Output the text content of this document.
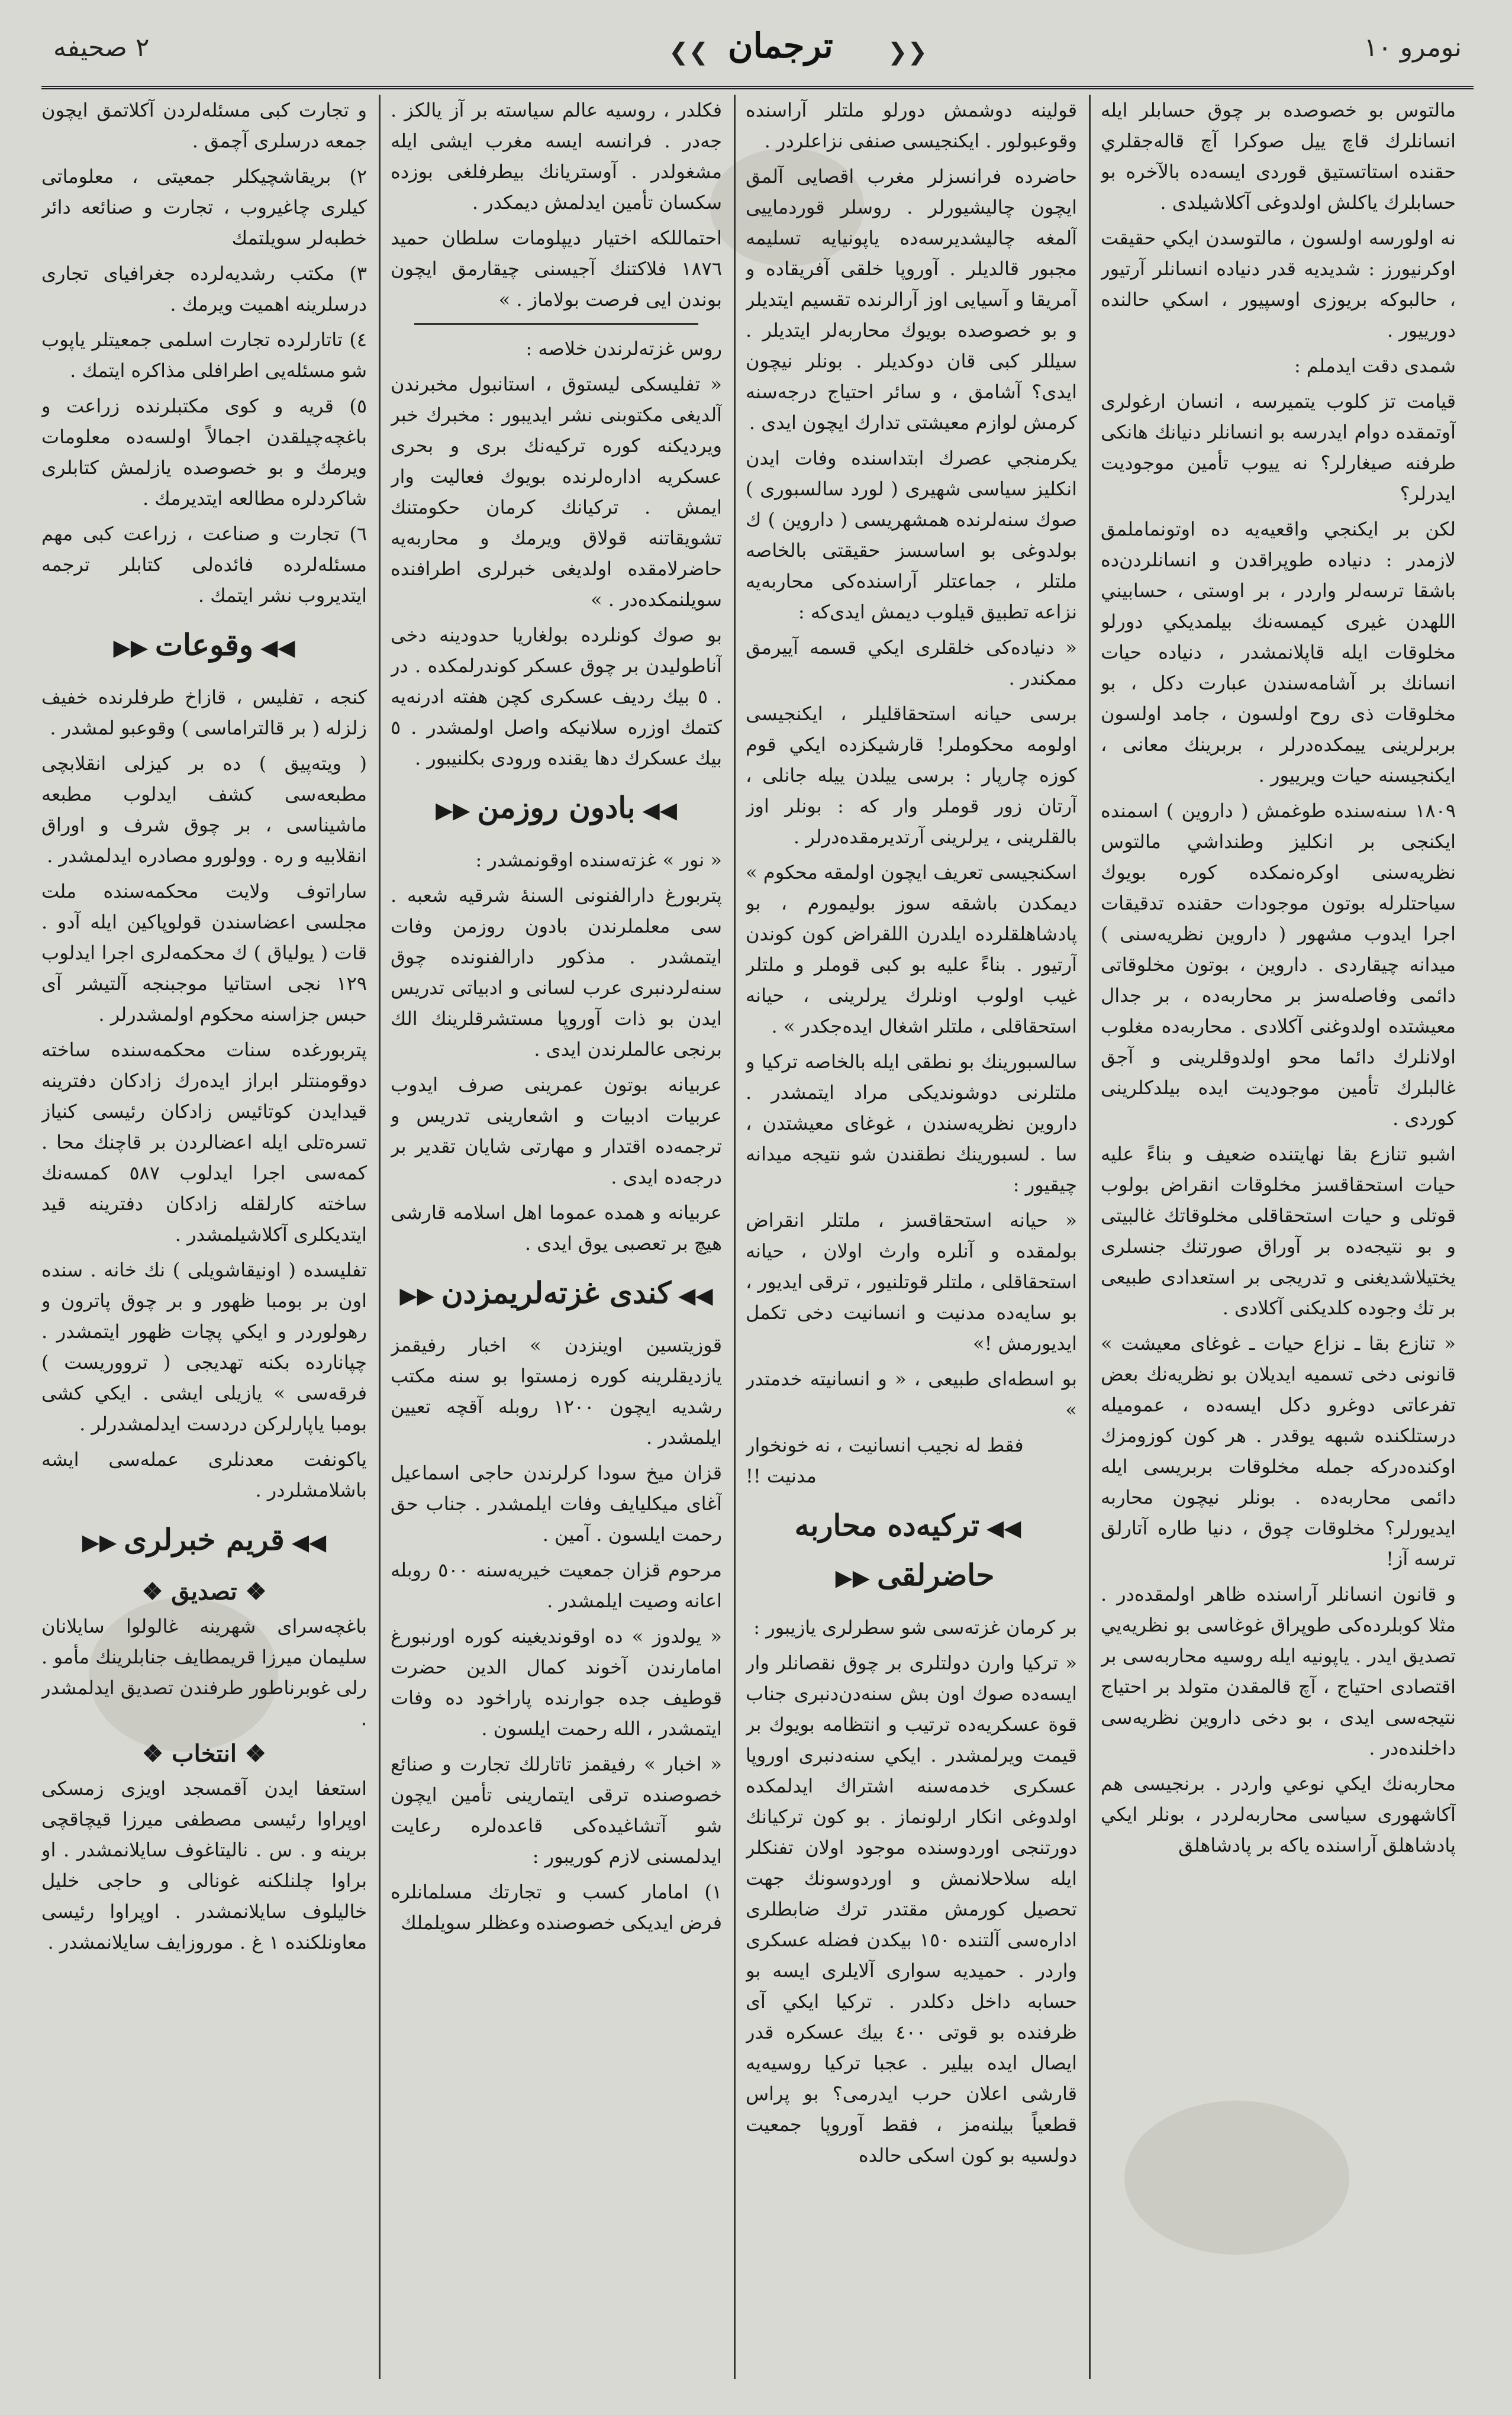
٢ صحيفه	❮❮ ترجمان ❯❯	نومرو ١٠

مالتوس بو خصوصده بر چوق حسابلر ايله انسانلرك قاچ ييل صوكرا آچ قاله‌جقلري حقنده استاتستيق قوردی ايسه‌ده بالآخره بو حسابلرك ياكلش اولدوغی آكلاشيلدی .

نه اولورسه اولسون ، مالتوسدن ايكي حقيقت اوكرنيورز : شديديه قدر دنياده انسانلر آرتيور ، حالبوكه بريوزی اوسپيور ، اسکي حالنده دورييور .

شمدی دقت ايدملم :

قيامت تز كلوب يتميرسه ، انسان ارغولری آوتمقده دوام ايدرسه بو انسانلر دنيانك هانكی طرفنه صيغارلر؟ نه ييوب تأمين موجوديت ايدرلر؟

لكن بر ايكنجي واقعيه‌يه ده اوتونماملمق لازمدر : دنياده طوپراقدن و انسانلردن‌ده باشقا ترسه‌لر واردر ، بر اوستی ، حسابيني اللهدن غيری کيمسه‌نك بيلمديكي دورلو مخلوقات ايله قاپلانمشدر ، دنياده حيات انسانك بر آشامه‌سندن عبارت دكل ، بو مخلوقات ذی روح اولسون ، جامد اولسون بربرلرينی ييمکده‌درلر ، بربرينك معانی ، ايكنجيسنه حيات ويرييور .

١٨٠٩ سنه‌سنده طوغمش ( داروين ) اسمنده ايكنجی بر انكليز وطنداشي مالتوس نظريه‌سنی اوكره‌نمکده کوره بويوك سياحتلرله بوتون موجودات حقنده تدقيقات اجرا ايدوب مشهور ( داروين نظريه‌سنی ) ميدانه چيقاردی . داروين ، بوتون مخلوقاتی دائمی وفاصله‌سز بر محاربه‌ده ، بر جدال معيشتده اولدوغنی آكلادی . محاربه‌ده مغلوب اولانلرك دائما محو اولدوقلرينی و آجق غالبلرك تأمين موجوديت ايده بيلدكلرينی كوردی .

اشبو تنازع بقا نهايتنده ضعيف و بناءً عليه حيات استحقاقسز مخلوقات انقراض بولوب قوتلی و حيات استحقاقلی مخلوقاتك غالبيتی و بو نتيجه‌ده بر آوراق صورتنك جنسلری يختيلاشديغنی و تدريجی بر استعدادی طبيعی بر تك وجوده كلديكنی آكلادی .

« تنازع بقا ـ نزاع حيات ـ غوغای معيشت » قانونی دخی تسميه ايديلان بو نظريه‌نك بعض تفرعاتی دوغرو دكل ايسه‌ده ، عموميله درستلكنده شبهه يوقدر . هر كون كوزومزك اوكنده‌دركه جمله مخلوقات بربريسی ايله دائمی محاربه‌ده . بونلر نيچون محاربه ايديورلر؟ مخلوقات چوق ، دنيا طاره آتارلق ترسه آز!

و قانون انسانلر آراسنده ظاهر او‌لمقده‌در . مثلا كوبلرده‌كی طوپراق غوغاسی بو نظريه‌يي تصديق ايدر . ياپونيه ايله روسيه محاربه‌سی بر اقتصادی احتياج ، آچ قالمقدن متولد بر احتياج نتيجه‌سی ايدی ، بو دخی داروين نظريه‌سی داخلنده‌در .

محاربه‌نك ايكي نوعي واردر . برنجيسی هم آكاشهوری سياسی محاربه‌لردر ، بونلر ايكي پادشاهلق آراسنده ياكه بر پادشاهلق

قولينه دوشمش دورلو ملتلر آراسنده وقوعبولور . ايكنجيسی صنفی نزاعلردر .

حاضرده فرانسزلر مغرب اقصايی آلمق ايچون چاليشيورلر . روسلر قوردماييی آلمغه چاليشديرسه‌ده ياپونيايه تسليمه مجبور قالديلر . آوروپا خلقی آفريقاده و آمريقا و آسيايی اوز آرالرنده تقسيم ايتديلر و بو خصوصده بويوك محاربه‌لر ايتديلر . سيللر كبی قان دوكديلر . بونلر نيچون ايدی؟ آشامق ، و سائر احتياج درجه‌سنه كرمش لوازم معيشتی تدارك ايچون ايدی .

يكرمنجي عصرك ابتداسنده وفات ايدن انكليز سياسی شهيری ( لورد سالسبوری ) صوك سنه‌لرنده همشهريسی ( داروين ) ك بولدوغی بو اساسسز حقيقتی بالخاصه ملتلر ، جماعتلر آراسنده‌كی محاربه‌يه نزاعه تطبيق قيلوب ديمش ايدی‌كه :

« دنياده‌كی خلقلری ايكي قسمه آييرمق ممكندر .

برسی حيانه استحقاقلیلر ، ايكنجيسی اولومه محكوملر! قارشيكزده ايكي قوم كوزه چارپار : برسی ييلدن ييله جانلی ، آرتان زور قوملر وار كه : بونلر اوز بالقلرينی ، يرلرينی آرتديرمقده‌درلر .

اسکنجيسی تعريف ايچون اولمقه محكوم » ديمكدن باشقه سوز بوليمورم ، بو پادشاهلقلرده ايلدرن اللقراض كون كوندن آرتيور . بناءً عليه بو كبی قوملر و ملتلر غيب اولوب اونلرك يرلرينی ، حيانه استحقاقلی ، ملتلر اشغال ايده‌جكدر » .

سالسبورينك بو نطقی ايله بالخاصه تركيا و ملتلرنی دوشونديكی مراد ايتمشدر . داروين نظريه‌سندن ، غوغای معيشتدن ، سا . لسبورينك نطقندن شو نتيجه ميدانه چيقيور :

« حيانه استحقاقسز ، ملتلر انقراض بولمقده و آنلره وارث اولان ، حيانه استحقاقلی ، ملتلر قوتلنيور ، ترقی ايديور ، بو سايه‌ده مدنيت و انسانيت دخی تكمل ايديورمش !»

بو اسطه‌ای طبيعی ، « و انسانيته خدمتدر »

فقط له نجيب انسانيت ، نه خونخوار مدنيت !!

◀◀تركيه‌ده محاربه حاضرلقی▶▶

بر كرمان غزته‌سی شو سطرلری يازيبور :

« تركيا وارن دولتلری بر چوق نقصانلر وار ايسه‌ده صوك اون بش سنه‌دن‌دنبری جناب قوة عسكريه‌ده ترتيب و انتظامه بويوك بر قيمت ويرلمشدر . ايكي سنه‌دنبری اوروپا عسكری خدمه‌سنه اشتراك ايدلمکده اولدوغی انكار ارلونماز . بو كون تركيانك دورتنجی اوردوسنده موجود اولان تفنكلر ايله سلاحلانمش و اوردوسونك جهت تحصيل كورمش مقتدر ترك ضابطلری اداره‌سی آلتنده ١٥٠ بيكدن فضله عسكری واردر . حميديه سواری آلايلری ايسه بو حسابه داخل دكلدر . تركيا ايكي آی ظرفنده بو قوتی ٤٠٠ بيك عسكره قدر ايصال ايده بيلير . عجبا تركيا روسيه‌يه قارشی اعلان حرب ايدرمی؟ بو پراس قطعياً بيلنه‌مز ، فقط آوروپا جمعيت دولسيه بو كون اسکی حالده

فكلدر ، روسيه عالم سياسته بر آز يالكز . جه‌در . فرانسه ايسه مغرب ايشی ايله مشغولدر . آوستريانك بيطرفلغی بوزده سكسان تأمين ايدلمش ديمكدر .

احتماللكه اختيار ديپلومات سلطان حميد ١٨٧٦ فلاكتنك آجيسنی چيقارمق ايچون بوندن ايی فرصت بولاماز . »

روس غزته‌لرندن خلاصه :

« تفليسكی ليستوق ، استانبول مخبرندن آلديغی مكتوبنی نشر ايديبور : مخبرك خبر ويرديكنه كوره تركيه‌نك بری و بحری عسكريه اداره‌لرنده بويوك فعاليت وار ايمش . تركيانك كرمان حكومتنك تشويقاتنه قولاق ويرمك و محاربه‌يه حاضرلامقده اولديغی خبرلری اطرافنده سويلنمكده‌در . »

بو صوك كونلرده بولغاريا حدودينه دخی آناطوليدن بر چوق عسكر كوندرلمكده . در . ٥ بيك رديف عسكری كچن هفته ادرنه‌يه كتمك اوزره سلانيكه واصل اولمشدر . ٥ بيك عسكرك دها يقنده ورودی بكلنيبور .

◀◀بادون روزمن▶▶

« نور » غزته‌سنده اوقونمشدر :

پتربورغ دارالفنونی السنهٔ شرقيه شعبه . سی معلملرندن بادون روزمن وفات ايتمشدر . مذكور دارالفنونده چوق سنه‌لردنبری عرب لسانی و ادبياتی تدريس ايدن بو ذات آوروپا مستشرقلرينك الك برنجی عالملرندن ايدی .

عربيانه بوتون عمرينی صرف ايدوب عربيات ادبيات و اشعارينی تدريس و ترجمه‌ده اقتدار و مهارتی شايان تقدير بر درجه‌ده ايدی .

عربيانه و همده عموما اهل اسلامه قارشی هيچ بر تعصبی يوق ايدی .

◀◀كندی غزته‌لريمزدن▶▶

قوزيتسين اوينزدن » اخبار رفيقمز يازديقلرينه كوره زمستوا بو سنه مكتب رشديه ايچون ١٢٠٠ روبله آقچه تعيين ايلمشدر .

قزان ميخ سودا كرلرندن حاجی اسماعيل آغای ميكليايف وفات ايلمشدر . جناب حق رحمت ايلسون . آمين .

مرحوم قزان جمعيت خيريه‌سنه ٥٠٠ روبله اعانه وصيت ايلمشدر .

« يولدوز » ده اوقونديغينه كوره اورنبورغ امامارندن آخوند كمال الدين حضرت قوطيف جده جوارنده پاراخود ده وفات ايتمشدر ، الله رحمت ايلسون .

« اخبار » رفيقمز تاتارلك تجارت و صنائع خصوصنده ترقی ايتمارينی تأمين ايچون شو آتشاغيده‌كی قاعده‌لره رعايت ايدلمسنی لازم كوريبور :

١) امامار كسب و تجارتك مسلمانلره فرض ايديكی خصوصنده وعظلر سويلملك

و تجارت كبی مسئله‌لردن آكلاتمق ايچون جمعه درسلری آچمق .

٢) بريقاشچيكلر جمعيتی ، معلوماتی كيلری چاغيروب ، تجارت و صنائعه دائر خطبه‌لر سويلتمك

٣) مكتب رشديه‌لرده جغرافيای تجاری درسلرينه اهميت ويرمك .

٤) تاتارلرده تجارت اسلمی جمعيتلر ياپوب شو مسئله‌يی اطرافلی مذاكره ايتمك .

٥) قريه و كوی مكتبلرنده زراعت و باغچه‌چيلقدن اجمالاً اولسه‌ده معلومات ويرمك و بو خصوصده يازلمش كتابلری شاكردلره مطالعه ايتديرمك .

٦) تجارت و صناعت ، زراعت كبی مهم مسئله‌لرده فائده‌لی كتابلر ترجمه ايتديروب نشر ايتمك .

◀◀وقوعات▶▶

كنجه ، تفليس ، قازاخ طرفلرنده خفيف زلزله ( بر قالتراماسی ) وقوعبو لمشدر .

( ويته‌پيق ) ده بر كيزلی انقلابچی مطبعه‌سی كشف ايدلوب مطبعه ماشيناسی ، بر چوق شرف و اوراق انقلابيه و ره . وولورو مصادره ايدلمشدر .

ساراتوف ولايت محكمه‌سنده ملت مجلسی اعضاسندن قولوپاكين ايله آدو . قات ( يولياق ) ك محكمه‌لری اجرا ايدلوب ١٢٩ نجی استاتيا موجبنجه آلتيشر آی حبس جزاسنه محكوم اولمشدرلر .

پتربورغده سنات محكمه‌سنده ساخته دوقومنتلر ابراز ايده‌رك زادكان دفترينه قيدايدن كوتائيس زادكان رئيسی كنياز تسره‌تلی ايله اعضالردن بر قاچنك محا . كمه‌سی اجرا ايدلوب ٥٨٧ كمسه‌نك ساخته كارلقله زادكان دفترينه قيد ايتديكلری آكلاشيلمشدر .

تفليسده ( اونيقاشويلی ) نك خانه . سنده اون بر بومبا ظهور و بر چوق پاترون و رهولوردر و ايكي پچات ظهور ايتمشدر . چپانارده بكنه تهديجی ( ترووريست ) فرقه‌سی » يازيلی ايشی . ايكي كشی بومبا ياپارلركن دردست ايدلمشدرلر .

ياكونفت معدنلری عمله‌سی ايشه باشلامشلردر .

◀◀قريم خبرلری▶▶
❖ تصديق ❖

باغچه‌سرای شهرينه غالولوا سايلانان سليمان ميرزا قريمطايف جنابلرينك مأمو . رلی غوبرناطور طرفندن تصديق ايدلمشدر .

❖ انتخاب ❖

استعفا ايدن آقمسجد اويزی زمسكی اوپراوا رئيسی مصطفی ميرزا قيچاقچی برينه و . س . ناليتاغوف سايلانمشدر . او براوا چلنلکنه غونالی و حاجی خليل خاليلوف سايلانمشدر . اوپراوا رئيسی معاونلكنده ١ غ . موروزايف سايلانمشدر .
